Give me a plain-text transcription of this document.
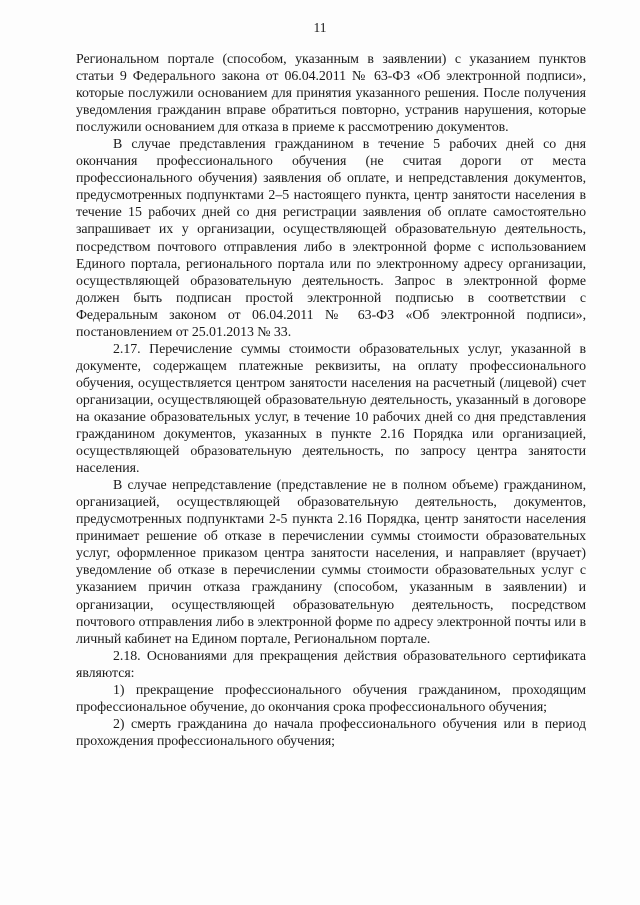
11

Региональном портале (способом, указанным в заявлении) с указанием пунктов статьи 9 Федерального закона от 06.04.2011 № 63-ФЗ «Об электронной подписи», которые послужили основанием для принятия указанного решения. После получения уведомления гражданин вправе обратиться повторно, устранив нарушения, которые послужили основанием для отказа в приеме к рассмотрению документов.

В случае представления гражданином в течение 5 рабочих дней со дня окончания профессионального обучения (не считая дороги от места профессионального обучения) заявления об оплате, и непредставления документов, предусмотренных подпунктами 2–5 настоящего пункта, центр занятости населения в течение 15 рабочих дней со дня регистрации заявления об оплате самостоятельно запрашивает их у организации, осуществляющей образовательную деятельность, посредством почтового отправления либо в электронной форме с использованием Единого портала, регионального портала или по электронному адресу организации, осуществляющей образовательную деятельность. Запрос в электронной форме должен быть подписан простой электронной подписью в соответствии с Федеральным законом от 06.04.2011 № 63-ФЗ «Об электронной подписи», постановлением от 25.01.2013 № 33.

2.17. Перечисление суммы стоимости образовательных услуг, указанной в документе, содержащем платежные реквизиты, на оплату профессионального обучения, осуществляется центром занятости населения на расчетный (лицевой) счет организации, осуществляющей образовательную деятельность, указанный в договоре на оказание образовательных услуг, в течение 10 рабочих дней со дня представления гражданином документов, указанных в пункте 2.16 Порядка или организацией, осуществляющей образовательную деятельность, по запросу центра занятости населения.

В случае непредставление (представление не в полном объеме) гражданином, организацией, осуществляющей образовательную деятельность, документов, предусмотренных подпунктами 2-5 пункта 2.16 Порядка, центр занятости населения принимает решение об отказе в перечислении суммы стоимости образовательных услуг, оформленное приказом центра занятости населения, и направляет (вручает) уведомление об отказе в перечислении суммы стоимости образовательных услуг с указанием причин отказа гражданину (способом, указанным в заявлении) и организации, осуществляющей образовательную деятельность, посредством почтового отправления либо в электронной форме по адресу электронной почты или в личный кабинет на Едином портале, Региональном портале.

2.18. Основаниями для прекращения действия образовательного сертификата являются:

1) прекращение профессионального обучения гражданином, проходящим профессиональное обучение, до окончания срока профессионального обучения;

2) смерть гражданина до начала профессионального обучения или в период прохождения профессионального обучения;
